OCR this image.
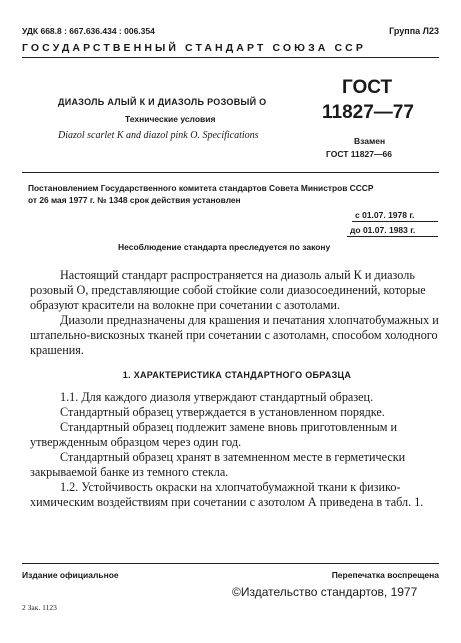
УДК 668.8 : 667.636.434 : 006.354	Группа Л23
ГОСУДАРСТВЕННЫЙ СТАНДАРТ СОЮЗА ССР
ДИАЗОЛЬ АЛЫЙ К И ДИАЗОЛЬ РОЗОВЫЙ О
Технические условия
Diazol scarlet K and diazol pink O. Specifications
ГОСТ
11827—77
Взамен
ГОСТ 11827—66
Постановлением Государственного комитета стандартов Совета Министров СССР
от 26 мая 1977 г. № 1348 срок действия установлен
с 01.07. 1978 г.
до 01.07. 1983 г.
Несоблюдение стандарта преследуется по закону

Настоящий стандарт распространяется на диазоль алый К и диазоль розовый О, представляющие собой стойкие соли диазосоединений, которые образуют красители на волокне при сочетании с азотолами.

Диазоли предназначены для крашения и печатания хлопчатобумажных и штапельно-вискозных тканей при сочетании с азотоламн, способом холодного крашения.

1. ХАРАКТЕРИСТИКА СТАНДАРТНОГО ОБРАЗЦА

1.1. Для каждого диазоля утверждают стандартный образец.

Стандартный образец утверждается в установленном порядке.

Стандартный образец подлежит замене вновь приготовленным и утвержденным образцом через один год.

Стандартный образец хранят в затемненном месте в герметически закрываемой банке из темного стекла.

1.2. Устойчивость окраски на хлопчатобумажной ткани к физико-химическим воздействиям при сочетании с азотолом А приведена в табл. 1.

Издание официальное	Перепечатка воспрещена
©Издательство стандартов, 1977
2 Зак. 1123
